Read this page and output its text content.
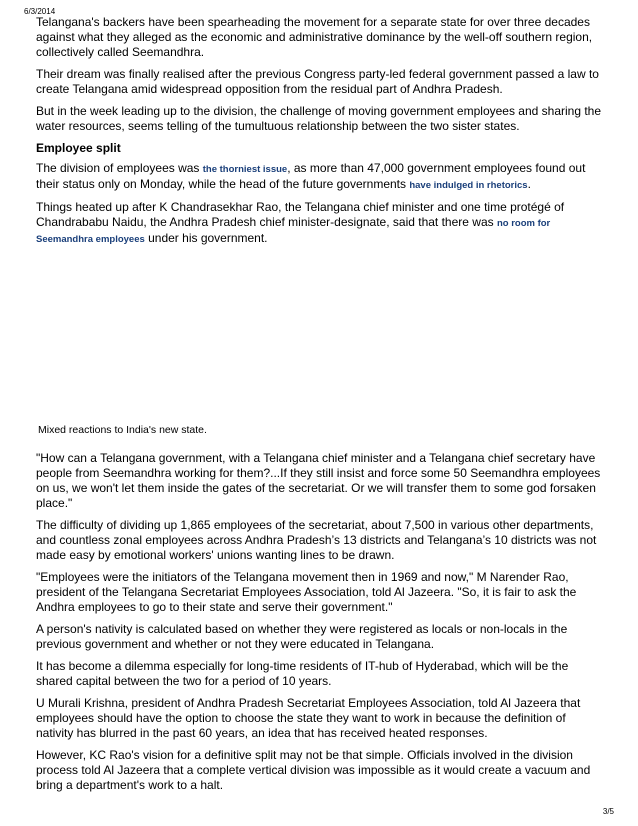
6/3/2014

Telangana's backers have been spearheading the movement for a separate state for over three decades against what they alleged as the economic and administrative dominance by the well-off southern region, collectively called Seemandhra.

Their dream was finally realised after the previous Congress party-led federal government passed a law to create Telangana amid widespread opposition from the residual part of Andhra Pradesh.

But in the week leading up to the division, the challenge of moving government employees and sharing the water resources, seems telling of the tumultuous relationship between the two sister states.

Employee split

The division of employees was the thorniest issue, as more than 47,000 government employees found out their status only on Monday, while the head of the future governments have indulged in rhetorics.

Things heated up after K Chandrasekhar Rao, the Telangana chief minister and one time protégé of Chandrababu Naidu, the Andhra Pradesh chief minister-designate, said that there was no room for Seemandhra employees under his government.

Mixed reactions to India's new state.

"How can a Telangana government, with a Telangana chief minister and a Telangana chief secretary have people from Seemandhra working for them?...If they still insist and force some 50 Seemandhra employees on us, we won't let them inside the gates of the secretariat. Or we will transfer them to some god forsaken place."

The difficulty of dividing up 1,865 employees of the secretariat, about 7,500 in various other departments, and countless zonal employees across Andhra Pradesh’s 13 districts and Telangana’s 10 districts was not made easy by emotional workers' unions wanting lines to be drawn.

"Employees were the initiators of the Telangana movement then in 1969 and now," M Narender Rao, president of the Telangana Secretariat Employees Association, told Al Jazeera. "So, it is fair to ask the Andhra employees to go to their state and serve their government."

A person's nativity is calculated based on whether they were registered as locals or non-locals in the previous government and whether or not they were educated in Telangana.

It has become a dilemma especially for long-time residents of IT-hub of Hyderabad, which will be the shared capital between the two for a period of 10 years.

U Murali Krishna, president of Andhra Pradesh Secretariat Employees Association, told Al Jazeera that employees should have the option to choose the state they want to work in because the definition of nativity has blurred in the past 60 years, an idea that has received heated responses.

However, KC Rao's vision for a definitive split may not be that simple. Officials involved in the division process told Al Jazeera that a complete vertical division was impossible as it would create a vacuum and bring a department's work to a halt.

3/5
